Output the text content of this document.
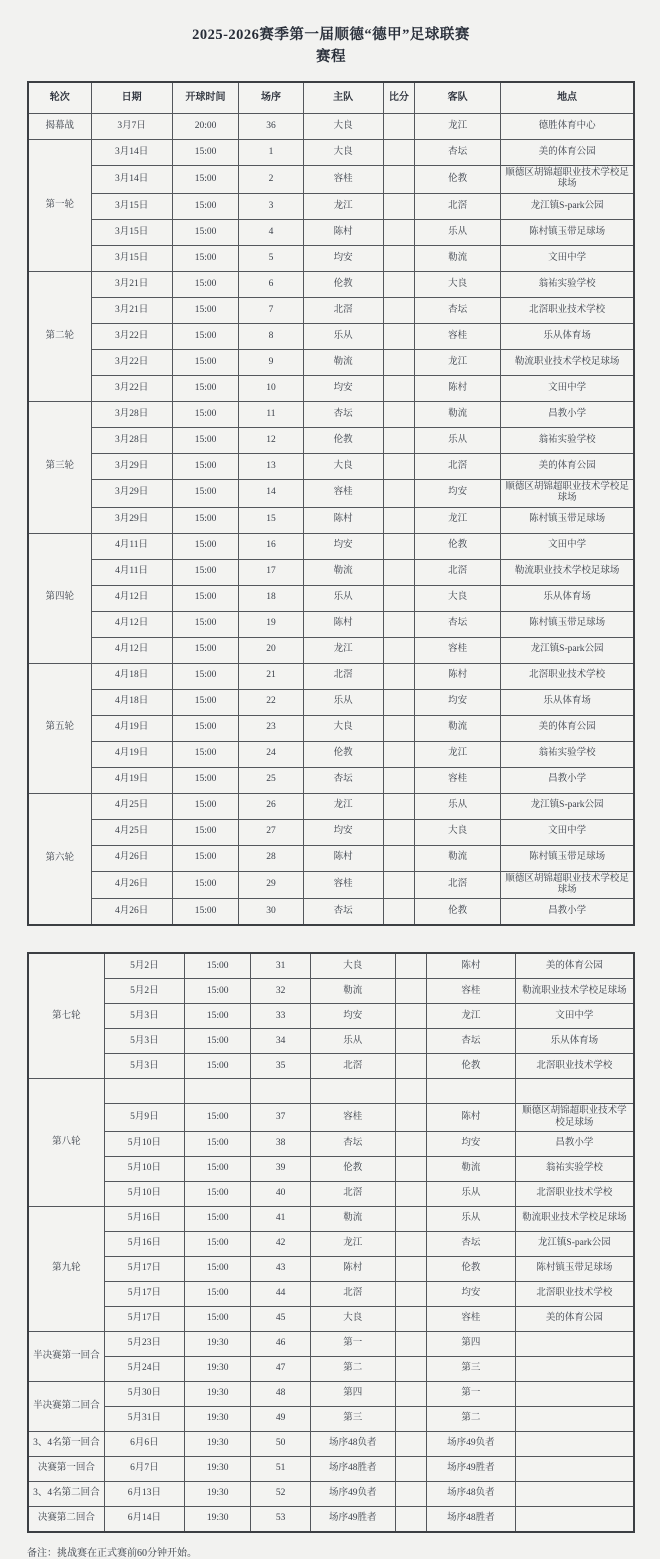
2025-2026赛季第一届顺德“德甲”足球联赛
赛程
轮次	日期	开球时间	场序	主队	比分	客队	地点
揭幕战	3月7日	20:00	36	大良		龙江	德胜体育中心
第一轮	3月14日	15:00	1	大良		杏坛	美的体育公园
	3月14日	15:00	2	容桂		伦教	顺德区胡锦超职业技术学校足球场
	3月15日	15:00	3	龙江		北滘	龙江镇S-park公园
	3月15日	15:00	4	陈村		乐从	陈村镇玉带足球场
	3月15日	15:00	5	均安		勒流	文田中学
第二轮	3月21日	15:00	6	伦教		大良	翁祐实验学校
	3月21日	15:00	7	北滘		杏坛	北滘职业技术学校
	3月22日	15:00	8	乐从		容桂	乐从体育场
	3月22日	15:00	9	勒流		龙江	勒流职业技术学校足球场
	3月22日	15:00	10	均安		陈村	文田中学
第三轮	3月28日	15:00	11	杏坛		勒流	昌教小学
	3月28日	15:00	12	伦教		乐从	翁祐实验学校
	3月29日	15:00	13	大良		北滘	美的体育公园
	3月29日	15:00	14	容桂		均安	顺德区胡锦超职业技术学校足球场
	3月29日	15:00	15	陈村		龙江	陈村镇玉带足球场
第四轮	4月11日	15:00	16	均安		伦教	文田中学
	4月11日	15:00	17	勒流		北滘	勒流职业技术学校足球场
	4月12日	15:00	18	乐从		大良	乐从体育场
	4月12日	15:00	19	陈村		杏坛	陈村镇玉带足球场
	4月12日	15:00	20	龙江		容桂	龙江镇S-park公园
第五轮	4月18日	15:00	21	北滘		陈村	北滘职业技术学校
	4月18日	15:00	22	乐从		均安	乐从体育场
	4月19日	15:00	23	大良		勒流	美的体育公园
	4月19日	15:00	24	伦教		龙江	翁祐实验学校
	4月19日	15:00	25	杏坛		容桂	昌教小学
第六轮	4月25日	15:00	26	龙江		乐从	龙江镇S-park公园
	4月25日	15:00	27	均安		大良	文田中学
	4月26日	15:00	28	陈村		勒流	陈村镇玉带足球场
	4月26日	15:00	29	容桂		北滘	顺德区胡锦超职业技术学校足球场
	4月26日	15:00	30	杏坛		伦教	昌教小学
第七轮	5月2日	15:00	31	大良		陈村	美的体育公园
	5月2日	15:00	32	勒流		容桂	勒流职业技术学校足球场
	5月3日	15:00	33	均安		龙江	文田中学
	5月3日	15:00	34	乐从		杏坛	乐从体育场
	5月3日	15:00	35	北滘		伦教	北滘职业技术学校
第八轮							
	5月9日	15:00	37	容桂		陈村	顺德区胡锦超职业技术学校足球场
	5月10日	15:00	38	杏坛		均安	昌教小学
	5月10日	15:00	39	伦教		勒流	翁祐实验学校
	5月10日	15:00	40	北滘		乐从	北滘职业技术学校
第九轮	5月16日	15:00	41	勒流		乐从	勒流职业技术学校足球场
	5月16日	15:00	42	龙江		杏坛	龙江镇S-park公园
	5月17日	15:00	43	陈村		伦教	陈村镇玉带足球场
	5月17日	15:00	44	北滘		均安	北滘职业技术学校
	5月17日	15:00	45	大良		容桂	美的体育公园
半决赛第一回合	5月23日	19:30	46	第一		第四	
	5月24日	19:30	47	第二		第三	
半决赛第二回合	5月30日	19:30	48	第四		第一	
	5月31日	19:30	49	第三		第二	
3、4名第一回合	6月6日	19:30	50	场序48负者		场序49负者	
决赛第一回合	6月7日	19:30	51	场序48胜者		场序49胜者	
3、4名第二回合	6月13日	19:30	52	场序49负者		场序48负者	
决赛第二回合	6月14日	19:30	53	场序49胜者		场序48胜者	
备注：挑战赛在正式赛前60分钟开始。
